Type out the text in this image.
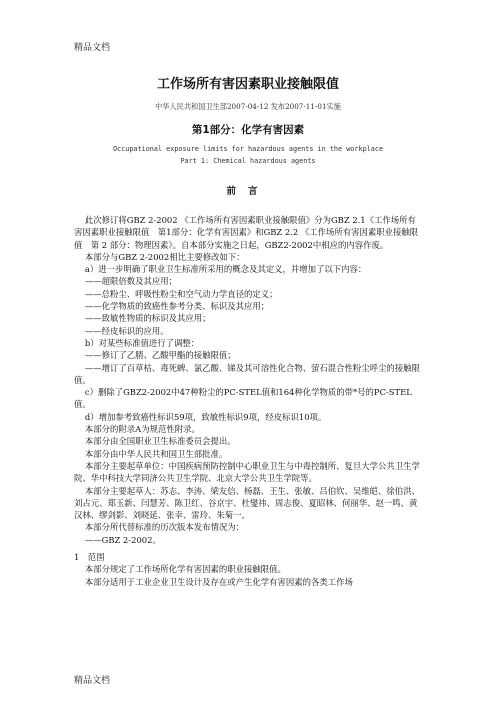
精品文档
工作场所有害因素职业接触限值
中华人民共和国卫生部2007-04-12 发布2007-11-01实施
第1部分：化学有害因素
Occupational exposure limits for hazardous agents in the workplace
Part 1: Chemical hazardous agents
前言

此次修订将GBZ 2-2002 《工作场所有害因素职业接触限值》分为GBZ 2.1《工作场所有害因素职业接触限值　第1部分：化学有害因素》和GBZ 2.2 《工作场所有害因素职业接触限值　第 2 部分：物理因素》。自本部分实施之日起，GBZ2-2002中相应的内容作废。

本部分与GBZ 2-2002相比主要修改如下：

a）进一步明确了职业卫生标准所采用的概念及其定义，并增加了以下内容：

——超限倍数及其应用；

——总粉尘、呼吸性粉尘和空气动力学直径的定义；

——化学物质的致癌性参考分类、标识及其应用；

——致敏性物质的标识及其应用；

——经皮标识的应用。

b）对某些标准值进行了调整：

——修订了乙腈、乙酸甲酯的接触限值；

——增订了百草枯、毒死蜱、氯乙酸、锑及其可溶性化合物、萤石混合性粉尘呼尘的接触限值。

c）删除了GBZ2-2002中47种粉尘的PC-STEL值和164种化学物质的带*号的PC-STEL值。

d）增加参考致癌性标识59项，致敏性标识9项，经皮标识10项。

本部分的附录A为规范性附录。

本部分由全国职业卫生标准委员会提出。

本部分由中华人民共和国卫生部批准。

本部分主要起草单位：中国疾病预防控制中心职业卫生与中毒控制所、复旦大学公共卫生学院、华中科技大学同济公共卫生学院、北京大学公共卫生学院等。

本部分主要起草人：苏志、李涛、梁友信、杨磊、王生、张敏、吕伯钦、吴维皑、徐伯洪、刘占元、郑玉新、闫慧芳、陈卫红、谷京宇、杜燮祎、周志俊、夏昭林、何丽华、赵一鸣、黄汉林、缪剑影、刘晓延、张幸、雷玲、朱菊一。

本部分所代替标准的历次版本发布情况为：

——GBZ 2-2002。

1　范围

本部分规定了工作场所化学有害因素的职业接触限值。

本部分适用于工业企业卫生设计及存在或产生化学有害因素的各类工作场

精品文档
